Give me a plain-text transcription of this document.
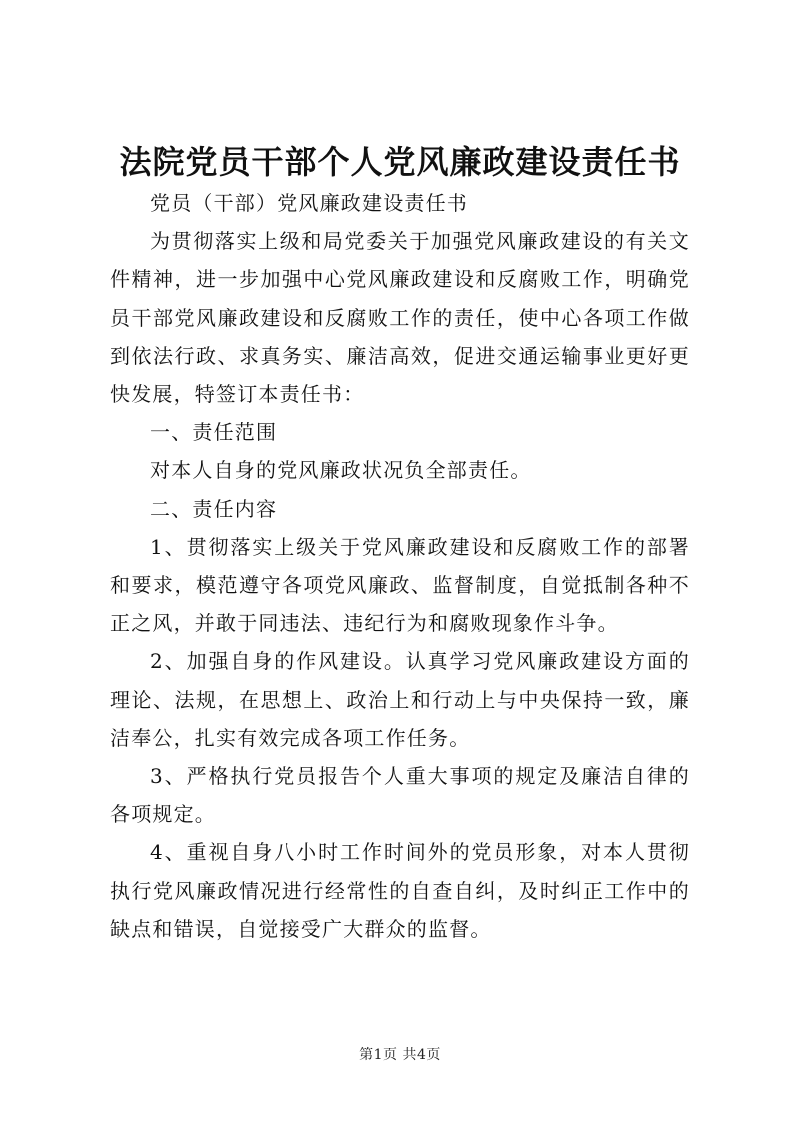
法院党员干部个人党风廉政建设责任书

党员（干部）党风廉政建设责任书

为贯彻落实上级和局党委关于加强党风廉政建设的有关文件精神，进一步加强中心党风廉政建设和反腐败工作，明确党员干部党风廉政建设和反腐败工作的责任，使中心各项工作做到依法行政、求真务实、廉洁高效，促进交通运输事业更好更快发展，特签订本责任书：

一、责任范围

对本人自身的党风廉政状况负全部责任。

二、责任内容

1、贯彻落实上级关于党风廉政建设和反腐败工作的部署和要求，模范遵守各项党风廉政、监督制度，自觉抵制各种不正之风，并敢于同违法、违纪行为和腐败现象作斗争。

2、加强自身的作风建设。认真学习党风廉政建设方面的理论、法规，在思想上、政治上和行动上与中央保持一致，廉洁奉公，扎实有效完成各项工作任务。

3、严格执行党员报告个人重大事项的规定及廉洁自律的各项规定。

4、重视自身八小时工作时间外的党员形象，对本人贯彻执行党风廉政情况进行经常性的自查自纠，及时纠正工作中的缺点和错误，自觉接受广大群众的监督。

第1页 共4页
